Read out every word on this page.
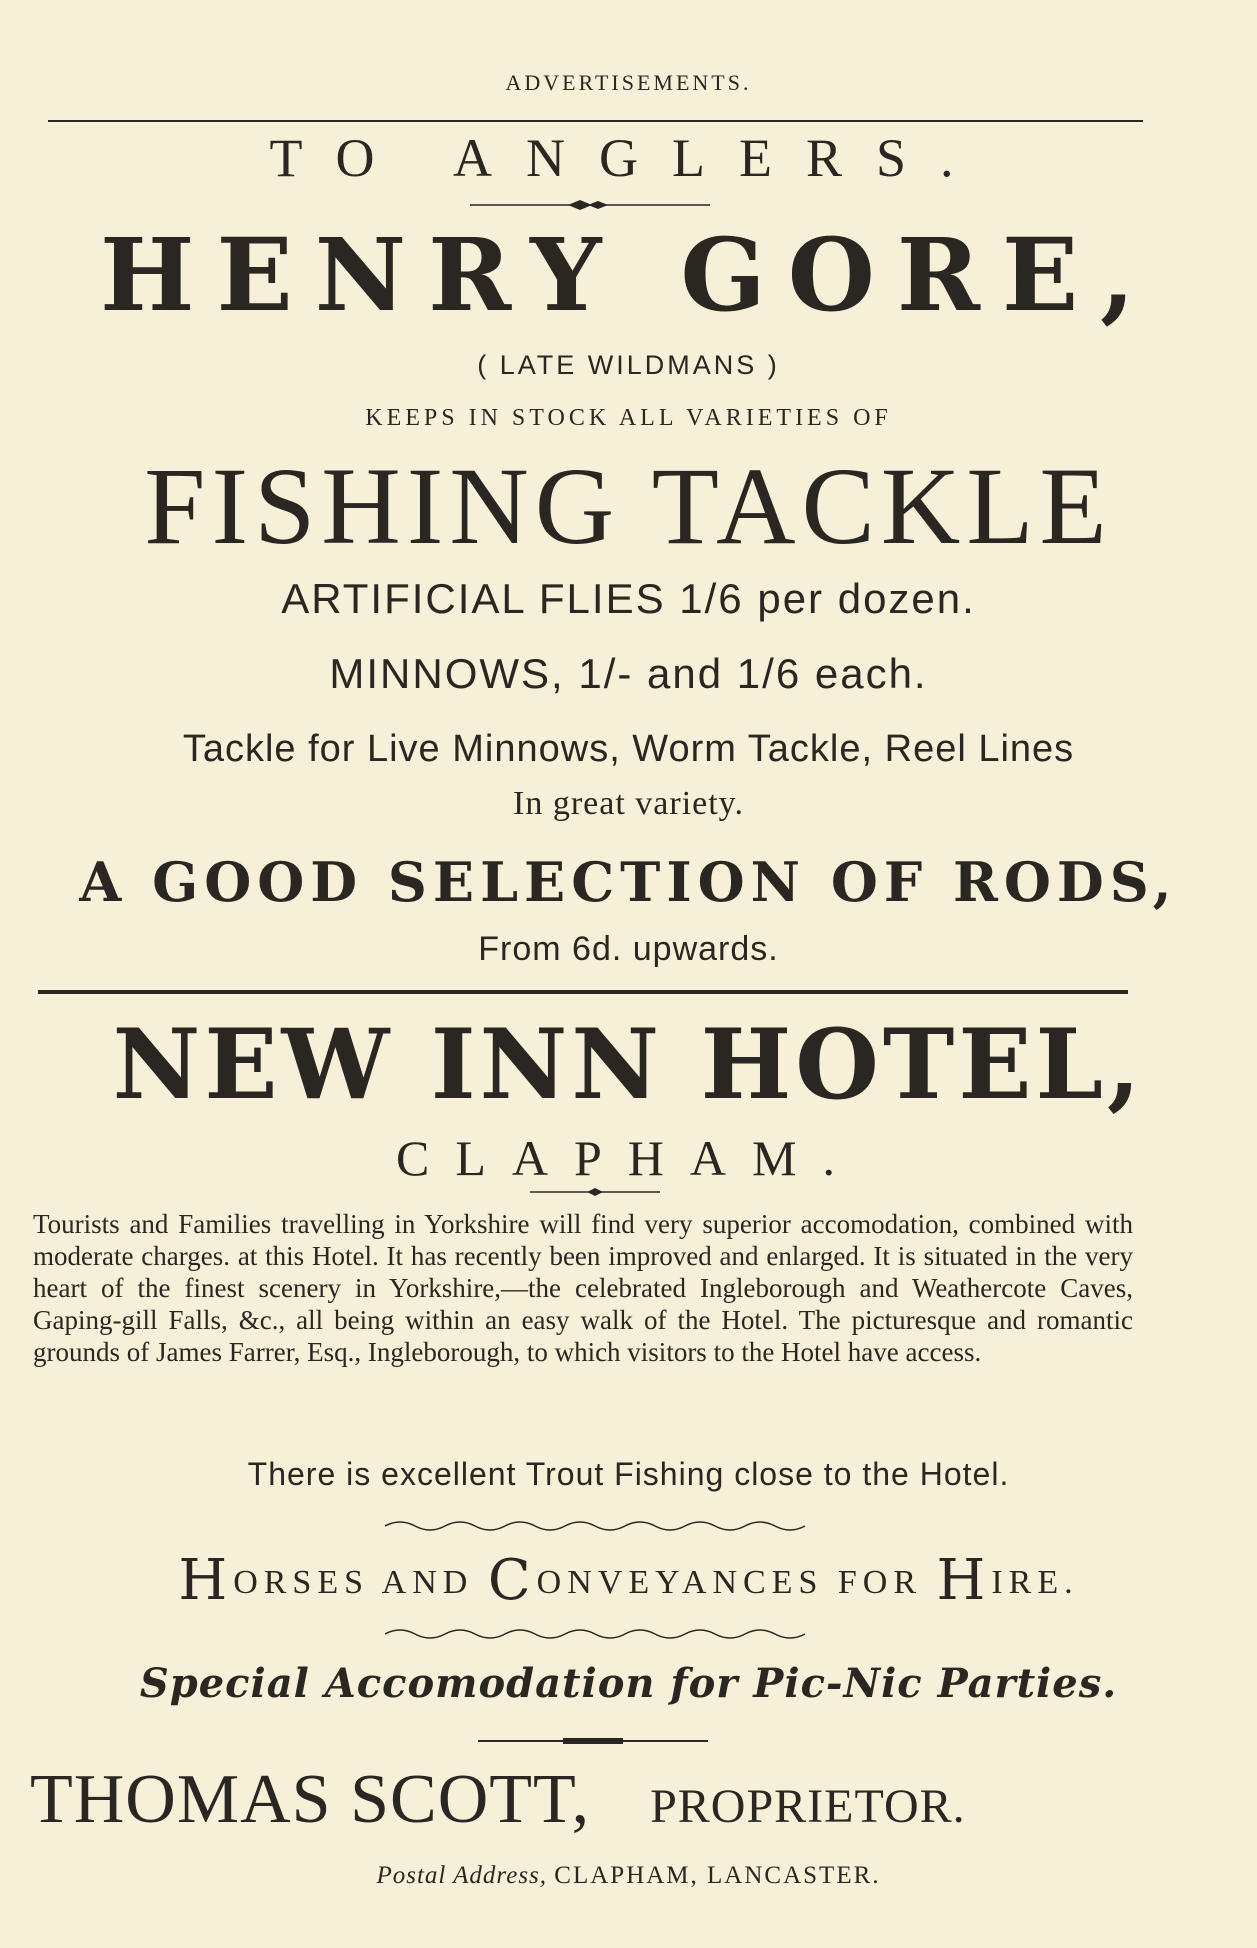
ADVERTISEMENTS.
TO ANGLERS.
HENRY GORE,
( LATE WILDMANS )
KEEPS IN STOCK ALL VARIETIES OF
FISHING TACKLE
ARTIFICIAL FLIES 1/6 per dozen.
MINNOWS, 1/- and 1/6 each.
Tackle for Live Minnows, Worm Tackle, Reel Lines
In great variety.
A GOOD SELECTION OF RODS,
From 6d. upwards.
NEW INN HOTEL,
CLAPHAM.
Tourists and Families travelling in Yorkshire will find very superior accomodation, combined with moderate charges. at this Hotel. It has recently been improved and enlarged. It is situated in the very heart of the finest scenery in Yorkshire,—the celebrated Ingleborough and Weathercote Caves, Gaping-gill Falls, &c., all being within an easy walk of the Hotel. The picturesque and romantic grounds of James Farrer, Esq., Ingleborough, to which visitors to the Hotel have access.
There is excellent Trout Fishing close to the Hotel.
HORSES AND CONVEYANCES FOR HIRE.
Special Accomodation for Pic-Nic Parties.
THOMAS SCOTT, PROPRIETOR.
Postal Address, CLAPHAM, LANCASTER.
